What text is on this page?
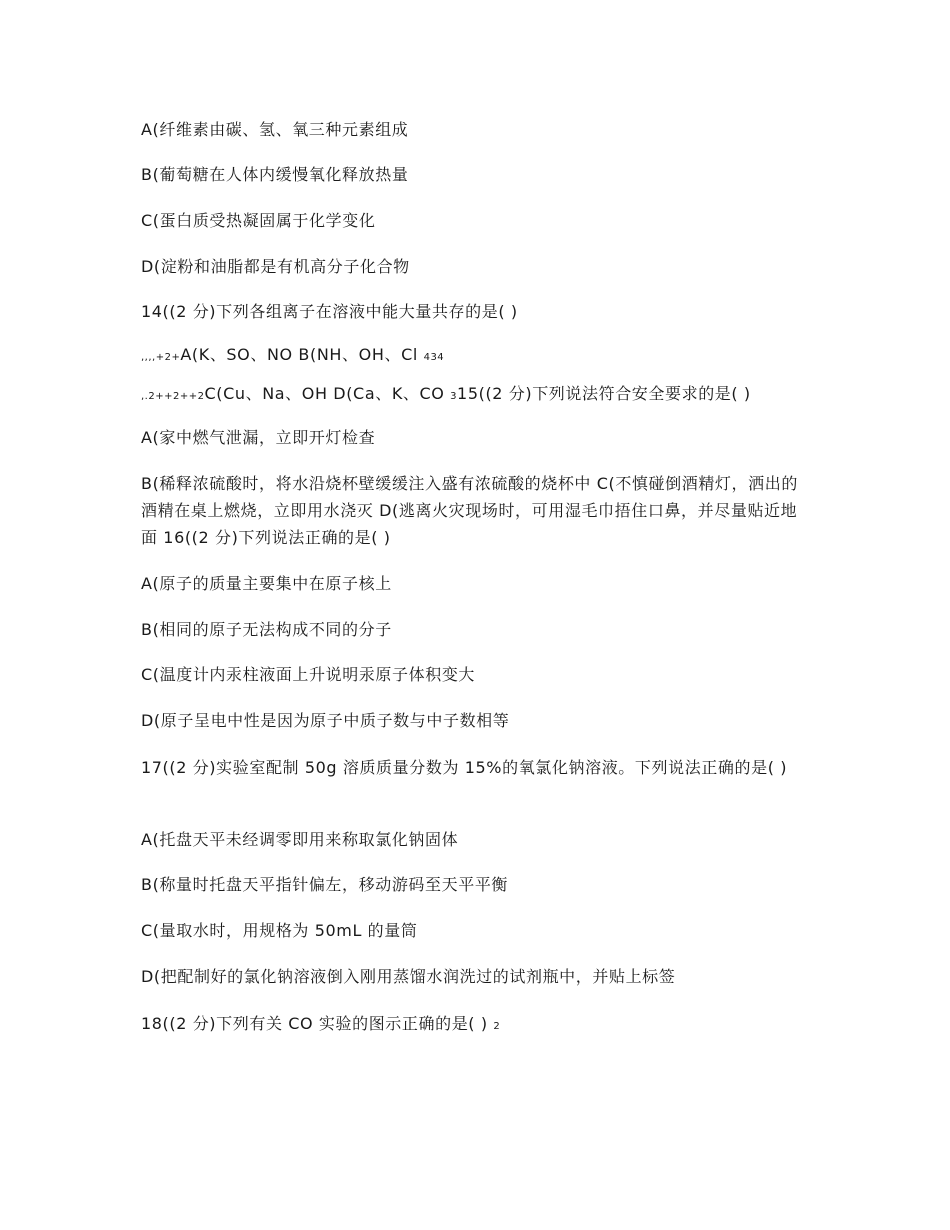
A(纤维素由碳、氢、氧三种元素组成
B(葡萄糖在人体内缓慢氧化释放热量
C(蛋白质受热凝固属于化学变化
D(淀粉和油脂都是有机高分子化合物
14((2 分)下列各组离子在溶液中能大量共存的是( )
,,,,+2+A(K、SO、NO B(NH、OH、Cl 434
,.2++2++2C(Cu、Na、OH D(Ca、K、CO 315((2 分)下列说法符合安全要求的是( )
A(家中燃气泄漏，立即开灯检查
B(稀释浓硫酸时，将水沿烧杯壁缓缓注入盛有浓硫酸的烧杯中 C(不慎碰倒酒精灯，洒出的酒精在桌上燃烧，立即用水浇灭 D(逃离火灾现场时，可用湿毛巾捂住口鼻，并尽量贴近地面 16((2 分)下列说法正确的是( )
A(原子的质量主要集中在原子核上
B(相同的原子无法构成不同的分子
C(温度计内汞柱液面上升说明汞原子体积变大
D(原子呈电中性是因为原子中质子数与中子数相等
17((2 分)实验室配制 50g 溶质质量分数为 15%的氧氯化钠溶液。下列说法正确的是( )
A(托盘天平未经调零即用来称取氯化钠固体
B(称量时托盘天平指针偏左，移动游码至天平平衡
C(量取水时，用规格为 50mL 的量筒
D(把配制好的氯化钠溶液倒入刚用蒸馏水润洗过的试剂瓶中，并贴上标签
18((2 分)下列有关 CO 实验的图示正确的是( ) 2
